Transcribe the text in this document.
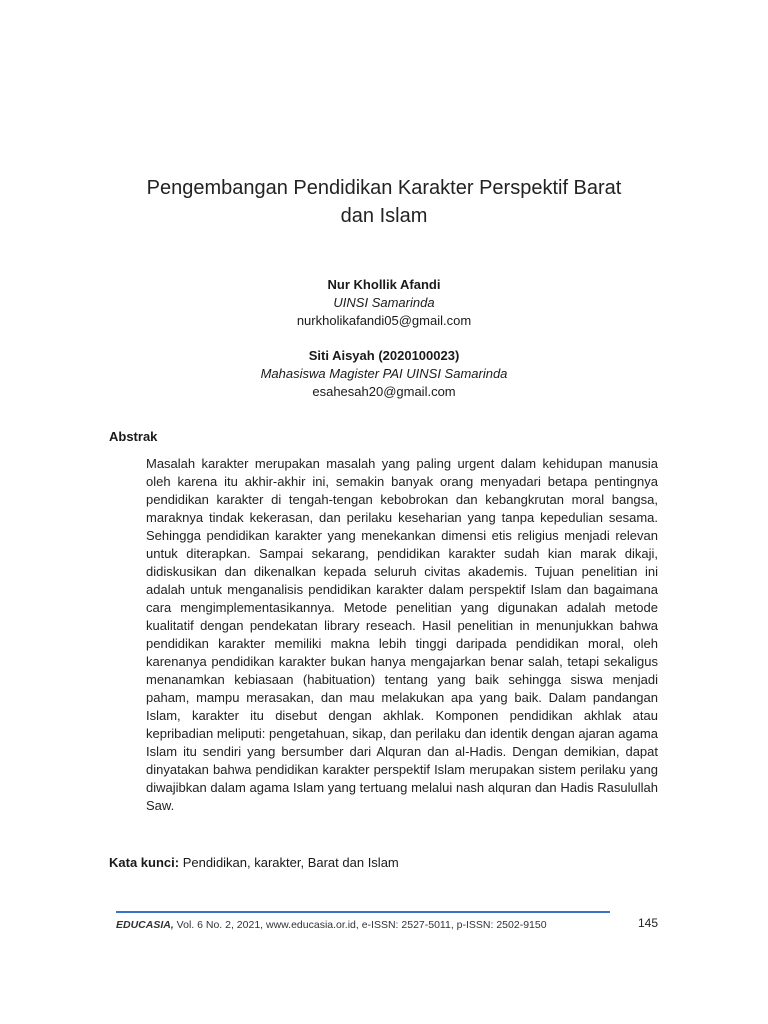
Pengembangan Pendidikan Karakter Perspektif Barat
dan Islam
Nur Khollik Afandi
UINSI Samarinda
nurkholikafandi05@gmail.com
Siti Aisyah (2020100023)
Mahasiswa Magister PAI UINSI Samarinda
esahesah20@gmail.com
Abstrak
Masalah karakter merupakan masalah yang paling urgent dalam kehidupan manusia oleh karena itu akhir-akhir ini, semakin banyak orang menyadari betapa pentingnya pendidikan karakter di tengah-tengan kebobrokan dan kebangkrutan moral bangsa, maraknya tindak kekerasan, dan perilaku keseharian yang tanpa kepedulian sesama. Sehingga pendidikan karakter yang menekankan dimensi etis religius menjadi relevan untuk diterapkan. Sampai sekarang, pendidikan karakter sudah kian marak dikaji, didiskusikan dan dikenalkan kepada seluruh civitas akademis. Tujuan penelitian ini adalah untuk menganalisis pendidikan karakter dalam perspektif Islam dan bagaimana cara mengimplementasikannya. Metode penelitian yang digunakan adalah metode kualitatif dengan pendekatan library reseach. Hasil penelitian in menunjukkan bahwa pendidikan karakter memiliki makna lebih tinggi daripada pendidikan moral, oleh karenanya pendidikan karakter bukan hanya mengajarkan benar salah, tetapi sekaligus menanamkan kebiasaan (habituation) tentang yang baik sehingga siswa menjadi paham, mampu merasakan, dan mau melakukan apa yang baik. Dalam pandangan Islam, karakter itu disebut dengan akhlak. Komponen pendidikan akhlak atau kepribadian meliputi: pengetahuan, sikap, dan perilaku dan identik dengan ajaran agama Islam itu sendiri yang bersumber dari Alquran dan al-Hadis. Dengan demikian, dapat dinyatakan bahwa pendidikan karakter perspektif Islam merupakan sistem perilaku yang diwajibkan dalam agama Islam yang tertuang melalui nash alquran dan Hadis Rasulullah Saw.
Kata kunci: Pendidikan, karakter, Barat dan Islam
EDUCASIA, Vol. 6 No. 2, 2021, www.educasia.or.id, e-ISSN: 2527-5011, p-ISSN: 2502-9150	145
